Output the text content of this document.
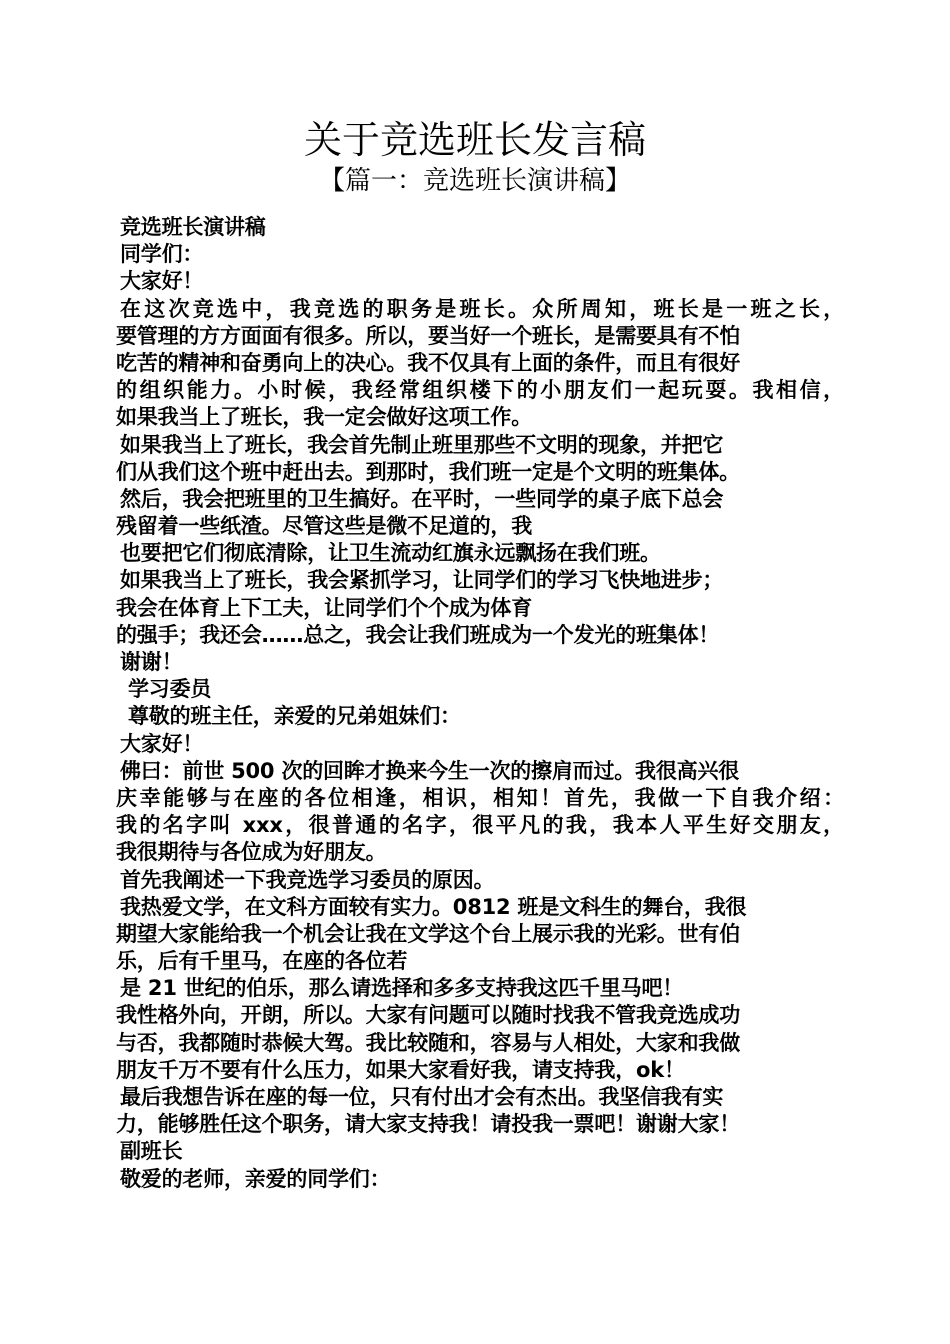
关于竞选班长发言稿
【篇一：竞选班长演讲稿】
竞选班长演讲稿
同学们：
大家好！
在这次竞选中，我竞选的职务是班长。众所周知，班长是一班之长，
要管理的方方面面有很多。所以，要当好一个班长，是需要具有不怕
吃苦的精神和奋勇向上的决心。我不仅具有上面的条件，而且有很好
的组织能力。小时候，我经常组织楼下的小朋友们一起玩耍。我相信，
如果我当上了班长，我一定会做好这项工作。
如果我当上了班长，我会首先制止班里那些不文明的现象，并把它
们从我们这个班中赶出去。到那时，我们班一定是个文明的班集体。
然后，我会把班里的卫生搞好。在平时，一些同学的桌子底下总会
残留着一些纸渣。尽管这些是微不足道的，我
也要把它们彻底清除，让卫生流动红旗永远飘扬在我们班。
如果我当上了班长，我会紧抓学习，让同学们的学习飞快地进步；
我会在体育上下工夫，让同学们个个成为体育
的强手；我还会……总之，我会让我们班成为一个发光的班集体！
谢谢！
学习委员
尊敬的班主任，亲爱的兄弟姐妹们：
大家好！
佛曰：前世 500 次的回眸才换来今生一次的擦肩而过。我很高兴很
庆幸能够与在座的各位相逢，相识，相知！首先，我做一下自我介绍：
我的名字叫 xxx，很普通的名字，很平凡的我，我本人平生好交朋友，
我很期待与各位成为好朋友。
首先我阐述一下我竞选学习委员的原因。
我热爱文学，在文科方面较有实力。0812 班是文科生的舞台，我很
期望大家能给我一个机会让我在文学这个台上展示我的光彩。世有伯
乐，后有千里马，在座的各位若
是 21 世纪的伯乐，那么请选择和多多支持我这匹千里马吧！
我性格外向，开朗，所以。大家有问题可以随时找我不管我竞选成功
与否，我都随时恭候大驾。我比较随和，容易与人相处，大家和我做
朋友千万不要有什么压力，如果大家看好我，请支持我，ok！
最后我想告诉在座的每一位，只有付出才会有杰出。我坚信我有实
力，能够胜任这个职务，请大家支持我！请投我一票吧！谢谢大家！
副班长
敬爱的老师，亲爱的同学们：
